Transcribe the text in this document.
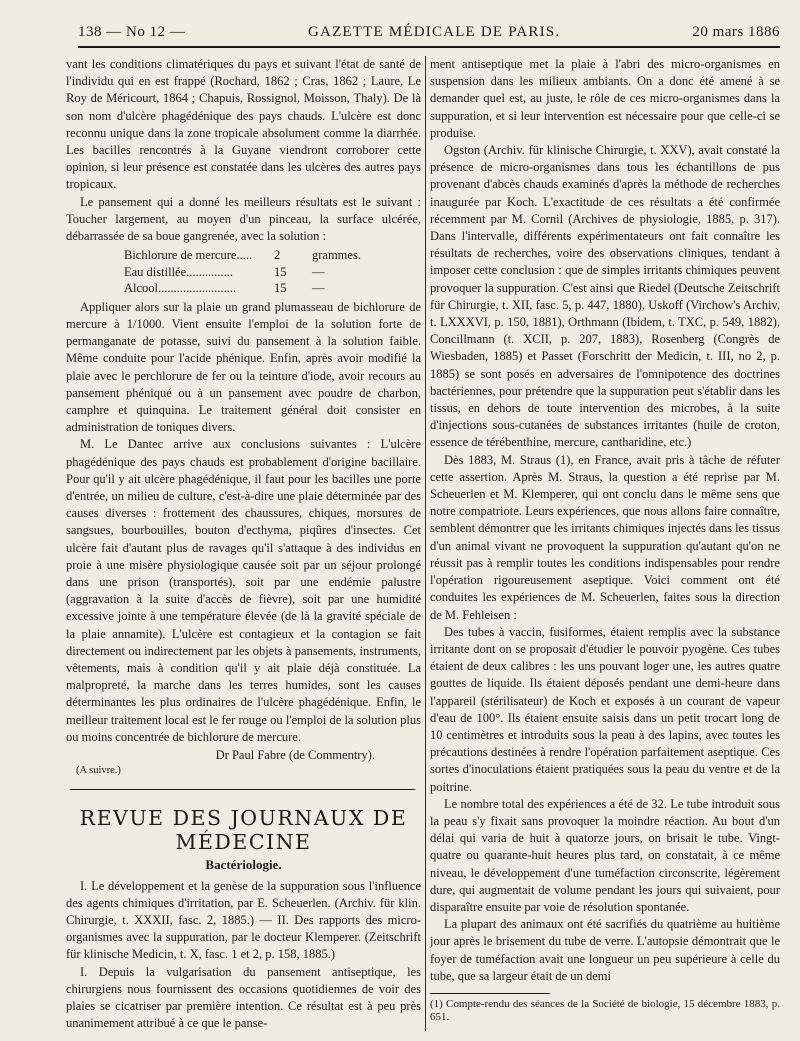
138 — No 12 —	GAZETTE MÉDICALE DE PARIS.	20 mars 1886

vant les conditions climatériques du pays et suivant l'état de santé de l'individu qui en est frappé (Rochard, 1862 ; Cras, 1862 ; Laure, Le Roy de Méricourt, 1864 ; Chapuis, Rossignol, Moisson, Thaly). De là son nom d'ulcère phagédénique des pays chauds. L'ulcère est donc reconnu unique dans la zone tropicale absolument comme la diarrhée. Les bacilles rencontrés à la Guyane viendront corroborer cette opinion, si leur présence est constatée dans les ulcères des autres pays tropicaux.

Le pansement qui a donné les meilleurs résultats est le suivant : Toucher largement, au moyen d'un pinceau, la surface ulcérée, débarrassée de sa boue gangrenée, avec la solution :

Bichlorure de mercure.....	2	grammes.
Eau distillée...............	15	—
Alcool.........................	15	—

Appliquer alors sur la plaie un grand plumasseau de bichlorure de mercure à 1/1000. Vient ensuite l'emploi de la solution forte de permanganate de potasse, suivi du pansement à la solution faible. Même conduite pour l'acide phénique. Enfin, après avoir modifié la plaie avec le perchlorure de fer ou la teinture d'iode, avoir recours au pansement phéniqué ou à un pansement avec poudre de charbon, camphre et quinquina. Le traitement général doit consister en administration de toniques divers.

M. Le Dantec arrive aux conclusions suivantes : L'ulcère phagédénique des pays chauds est probablement d'origine bacillaire. Pour qu'il y ait ulcère phagédénique, il faut pour les bacilles une porte d'entrée, un milieu de culture, c'est-à-dire une plaie déterminée par des causes diverses : frottement des chaussures, chiques, morsures de sangsues, bourbouilles, bouton d'ecthyma, piqûres d'insectes. Cet ulcère fait d'autant plus de ravages qu'il s'attaque à des individus en proie à une misère physiologique causée soit par un séjour prolongé dans une prison (transportés), soit par une endémie palustre (aggravation à la suite d'accès de fièvre), soit par une humidité excessive jointe à une température élevée (de là la gravité spéciale de la plaie annamite). L'ulcère est contagieux et la contagion se fait directement ou indirectement par les objets à pansements, instruments, vêtements, mais à condition qu'il y ait plaie déjà constituée. La malpropreté, la marche dans les terres humides, sont les causes déterminantes les plus ordinaires de l'ulcère phagédénique. Enfin, le meilleur traitement local est le fer rouge ou l'emploi de la solution plus ou moins concentrée de bichlorure de mercure.

Dr Paul Fabre (de Commentry).

(A suivre.)

REVUE DES JOURNAUX DE MÉDECINE
Bactériologie.

I. Le développement et la genèse de la suppuration sous l'influence des agents chimiques d'irritation, par E. Scheuerlen. (Archiv. für klin. Chirurgie, t. XXXII, fasc. 2, 1885.) — II. Des rapports des micro-organismes avec la suppuration, par le docteur Klemperer. (Zeitschrift für klinische Medicin, t. X, fasc. 1 et 2, p. 158, 1885.)

I. Depuis la vulgarisation du pansement antiseptique, les chirurgiens nous fournissent des occasions quotidiennes de voir des plaies se cicatriser par première intention. Ce résultat est à peu près unanimement attribué à ce que le panse-

ment antiseptique met la plaie à l'abri des micro-organismes en suspension dans les milieux ambiants. On a donc été amené à se demander quel est, au juste, le rôle de ces micro-organismes dans la suppuration, et si leur intervention est nécessaire pour que celle-ci se produise.

Ogston (Archiv. für klinische Chirurgie, t. XXV), avait constaté la présence de micro-organismes dans tous les échantillons de pus provenant d'abcès chauds examinés d'après la méthode de recherches inaugurée par Koch. L'exactitude de ces résultats a été confirmée récemment par M. Cornil (Archives de physiologie, 1885, p. 317). Dans l'intervalle, différents expérimentateurs ont fait connaître les résultats de recherches, voire des observations cliniques, tendant à imposer cette conclusion : que de simples irritants chimiques peuvent provoquer la suppuration. C'est ainsi que Riedel (Deutsche Zeitschrift für Chirurgie, t. XII, fasc. 5, p. 447, 1880), Uskoff (Virchow's Archiv, t. LXXXVI, p. 150, 1881), Orthmann (Ibidem, t. TXC, p. 549, 1882), Concillmann (t. XCII, p. 207, 1883), Rosenberg (Congrès de Wiesbaden, 1885) et Passet (Forschritt der Medicin, t. III, no 2, p. 1885) se sont posés en adversaires de l'omnipotence des doctrines bactériennes, pour prétendre que la suppuration peut s'établir dans les tissus, en dehors de toute intervention des microbes, à la suite d'injections sous-cutanées de substances irritantes (huile de croton, essence de térébenthine, mercure, cantharidine, etc.)

Dès 1883, M. Straus (1), en France, avait pris à tâche de réfuter cette assertion. Après M. Straus, la question a été reprise par M. Scheuerlen et M. Klemperer, qui ont conclu dans le même sens que notre compatriote. Leurs expériences, que nous allons faire connaître, semblent démontrer que les irritants chimiques injectés dans les tissus d'un animal vivant ne provoquent la suppuration qu'autant qu'on ne réussit pas à remplir toutes les conditions indispensables pour rendre l'opération rigoureusement aseptique. Voici comment ont été conduites les expériences de M. Scheuerlen, faites sous la direction de M. Fehleisen :

Des tubes à vaccin, fusiformes, étaient remplis avec la substance irritante dont on se proposait d'étudier le pouvoir pyogène. Ces tubes étaient de deux calibres : les uns pouvant loger une, les autres quatre gouttes de liquide. Ils étaient déposés pendant une demi-heure dans l'appareil (stérilisateur) de Koch et exposés à un courant de vapeur d'eau de 100°. Ils étaient ensuite saisis dans un petit trocart long de 10 centimètres et introduits sous la peau à des lapins, avec toutes les précautions destinées à rendre l'opération parfaitement aseptique. Ces sortes d'inoculations étaient pratiquées sous la peau du ventre et de la poitrine.

Le nombre total des expériences a été de 32. Le tube introduit sous la peau s'y fixait sans provoquer la moindre réaction. Au bout d'un délai qui varia de huit à quatorze jours, on brisait le tube. Vingt-quatre ou quarante-huit heures plus tard, on constatait, à ce même niveau, le développement d'une tuméfaction circonscrite, légèrement dure, qui augmentait de volume pendant les jours qui suivaient, pour disparaître ensuite par voie de résolution spontanée.

La plupart des animaux ont été sacrifiés du quatrième au huitième jour après le brisement du tube de verre. L'autopsie démontrait que le foyer de tuméfaction avait une longueur un peu supérieure à celle du tube, que sa largeur était de un demi

(1) Compte-rendu des séances de la Société de biologie, 15 décembre 1883, p. 651.
